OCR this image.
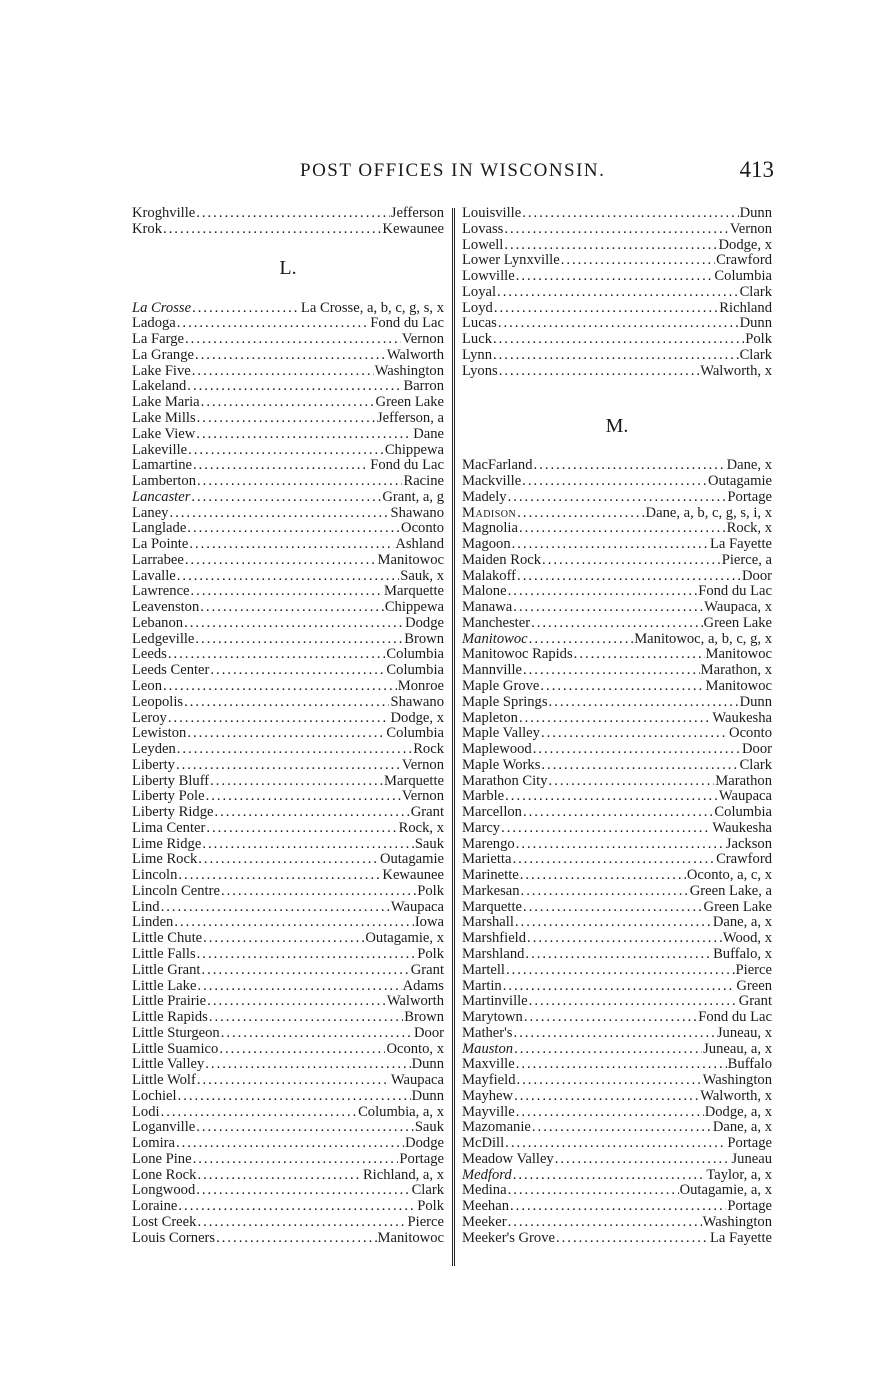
POST OFFICES IN WISCONSIN.	413
Kroghville .....	Jefferson
Krok .....	Kewaunee
L.
La Crosse .....	La Crosse, a, b, c, g, s, x
Ladoga .....	Fond du Lac
La Farge .....	Vernon
La Grange .....	Walworth
Lake Five .....	Washington
Lakeland .....	Barron
Lake Maria .....	Green Lake
Lake Mills .....	Jefferson, a
Lake View .....	Dane
Lakeville .....	Chippewa
Lamartine .....	Fond du Lac
Lamberton .....	Racine
Lancaster .....	Grant, a, g
Laney .....	Shawano
Langlade .....	Oconto
La Pointe .....	Ashland
Larrabee .....	Manitowoc
Lavalle .....	Sauk, x
Lawrence .....	Marquette
Leavenston .....	Chippewa
Lebanon .....	Dodge
Ledgeville .....	Brown
Leeds .....	Columbia
Leeds Center .....	Columbia
Leon .....	Monroe
Leopolis .....	Shawano
Leroy .....	Dodge, x
Lewiston .....	Columbia
Leyden .....	Rock
Liberty .....	Vernon
Liberty Bluff .....	Marquette
Liberty Pole .....	Vernon
Liberty Ridge .....	Grant
Lima Center .....	Rock, x
Lime Ridge .....	Sauk
Lime Rock .....	Outagamie
Lincoln .....	Kewaunee
Lincoln Centre .....	Polk
Lind .....	Waupaca
Linden .....	Iowa
Little Chute .....	Outagamie, x
Little Falls .....	Polk
Little Grant .....	Grant
Little Lake .....	Adams
Little Prairie .....	Walworth
Little Rapids .....	Brown
Little Sturgeon .....	Door
Little Suamico .....	Oconto, x
Little Valley .....	Dunn
Little Wolf .....	Waupaca
Lochiel .....	Dunn
Lodi .....	Columbia, a, x
Loganville .....	Sauk
Lomira .....	Dodge
Lone Pine .....	Portage
Lone Rock .....	Richland, a, x
Longwood .....	Clark
Loraine .....	Polk
Lost Creek .....	Pierce
Louis Corners .....	Manitowoc
Louisville .....	Dunn
Lovass .....	Vernon
Lowell .....	Dodge, x
Lower Lynxville .....	Crawford
Lowville .....	Columbia
Loyal .....	Clark
Loyd .....	Richland
Lucas .....	Dunn
Luck .....	Polk
Lynn .....	Clark
Lyons .....	Walworth, x
M.
MacFarland .....	Dane, x
Mackville .....	Outagamie
Madely .....	Portage
Madison .....	Dane, a, b, c, g, s, i, x
Magnolia .....	Rock, x
Magoon .....	La Fayette
Maiden Rock .....	Pierce, a
Malakoff .....	Door
Malone .....	Fond du Lac
Manawa .....	Waupaca, x
Manchester .....	Green Lake
Manitowoc .....	Manitowoc, a, b, c, g, x
Manitowoc Rapids .....	Manitowoc
Mannville .....	Marathon, x
Maple Grove .....	Manitowoc
Maple Springs .....	Dunn
Mapleton .....	Waukesha
Maple Valley .....	Oconto
Maplewood .....	Door
Maple Works .....	Clark
Marathon City .....	Marathon
Marble .....	Waupaca
Marcellon .....	Columbia
Marcy .....	Waukesha
Marengo .....	Jackson
Marietta .....	Crawford
Marinette .....	Oconto, a, c, x
Markesan .....	Green Lake, a
Marquette .....	Green Lake
Marshall .....	Dane, a, x
Marshfield .....	Wood, x
Marshland .....	Buffalo, x
Martell .....	Pierce
Martin .....	Green
Martinville .....	Grant
Marytown .....	Fond du Lac
Mather's .....	Juneau, x
Mauston .....	Juneau, a, x
Maxville .....	Buffalo
Mayfield .....	Washington
Mayhew .....	Walworth, x
Mayville .....	Dodge, a, x
Mazomanie .....	Dane, a, x
McDill .....	Portage
Meadow Valley .....	Juneau
Medford .....	Taylor, a, x
Medina .....	Outagamie, a, x
Meehan .....	Portage
Meeker .....	Washington
Meeker's Grove .....	La Fayette
